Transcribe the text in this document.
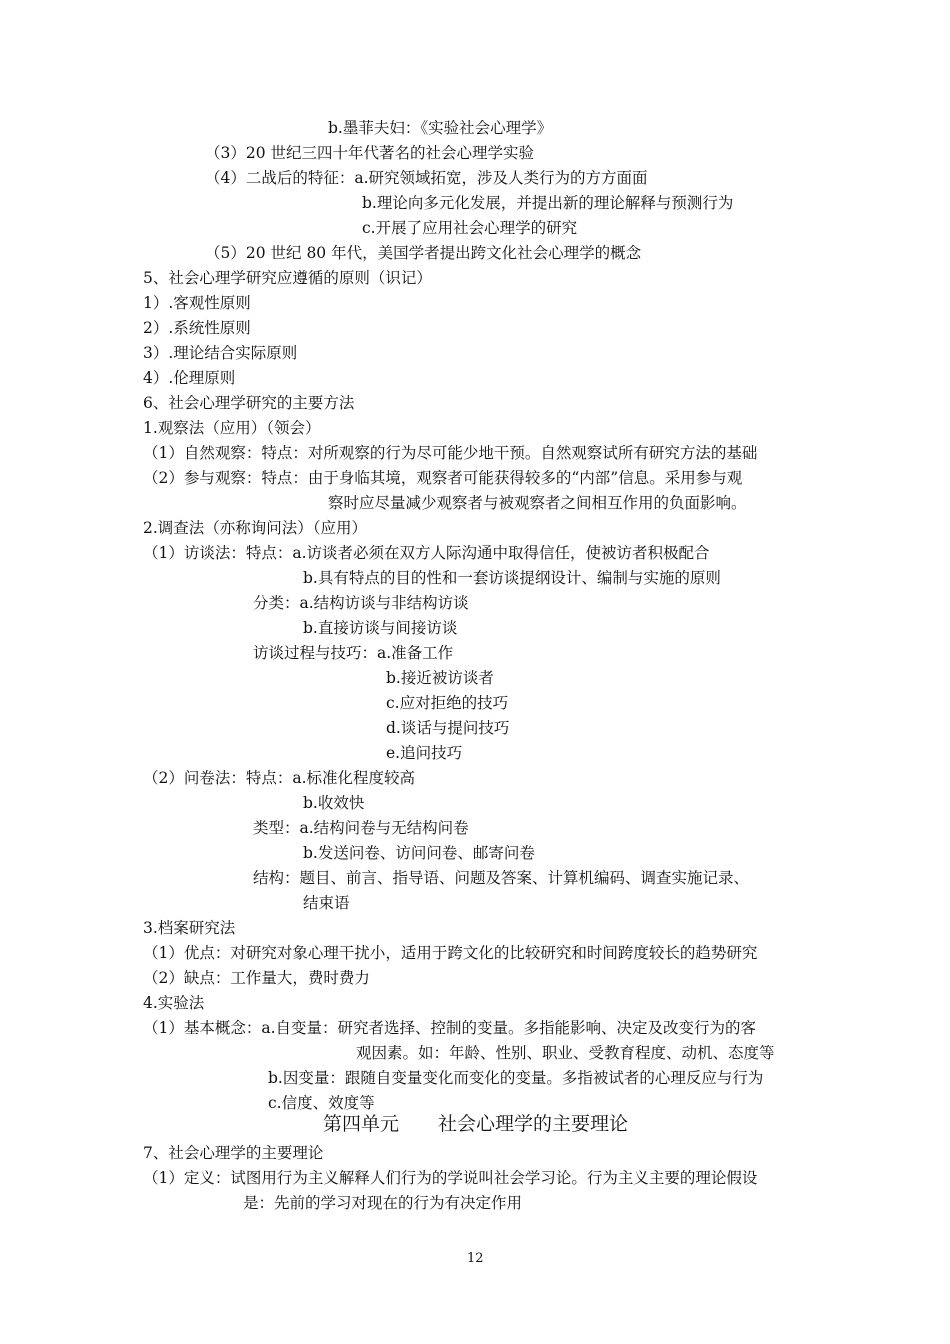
b.墨菲夫妇：《实验社会心理学》
（3）20 世纪三四十年代著名的社会心理学实验
（4）二战后的特征：a.研究领域拓宽，涉及人类行为的方方面面
b.理论向多元化发展，并提出新的理论解释与预测行为
c.开展了应用社会心理学的研究
（5）20 世纪 80 年代，美国学者提出跨文化社会心理学的概念
5、社会心理学研究应遵循的原则（识记）
1）.客观性原则
2）.系统性原则
3）.理论结合实际原则
4）.伦理原则
6、社会心理学研究的主要方法
1.观察法（应用）（领会）
（1）自然观察：特点：对所观察的行为尽可能少地干预。自然观察试所有研究方法的基础
（2）参与观察：特点：由于身临其境，观察者可能获得较多的“内部”信息。采用参与观
察时应尽量减少观察者与被观察者之间相互作用的负面影响。
2.调查法（亦称询问法）（应用）
（1）访谈法：特点：a.访谈者必须在双方人际沟通中取得信任，使被访者积极配合
b.具有特点的目的性和一套访谈提纲设计、编制与实施的原则
分类：a.结构访谈与非结构访谈
b.直接访谈与间接访谈
访谈过程与技巧：a.准备工作
b.接近被访谈者
c.应对拒绝的技巧
d.谈话与提问技巧
e.追问技巧
（2）问卷法：特点：a.标准化程度较高
b.收效快
类型：a.结构问卷与无结构问卷
b.发送问卷、访问问卷、邮寄问卷
结构：题目、前言、指导语、问题及答案、计算机编码、调查实施记录、
结束语
3.档案研究法
（1）优点：对研究对象心理干扰小，适用于跨文化的比较研究和时间跨度较长的趋势研究
（2）缺点：工作量大，费时费力
4.实验法
（1）基本概念：a.自变量：研究者选择、控制的变量。多指能影响、决定及改变行为的客
观因素。如：年龄、性别、职业、受教育程度、动机、态度等
b.因变量：跟随自变量变化而变化的变量。多指被试者的心理反应与行为
c.信度、效度等
第四单元 社会心理学的主要理论
7、社会心理学的主要理论
（1）定义：试图用行为主义解释人们行为的学说叫社会学习论。行为主义主要的理论假设
是：先前的学习对现在的行为有决定作用
12
